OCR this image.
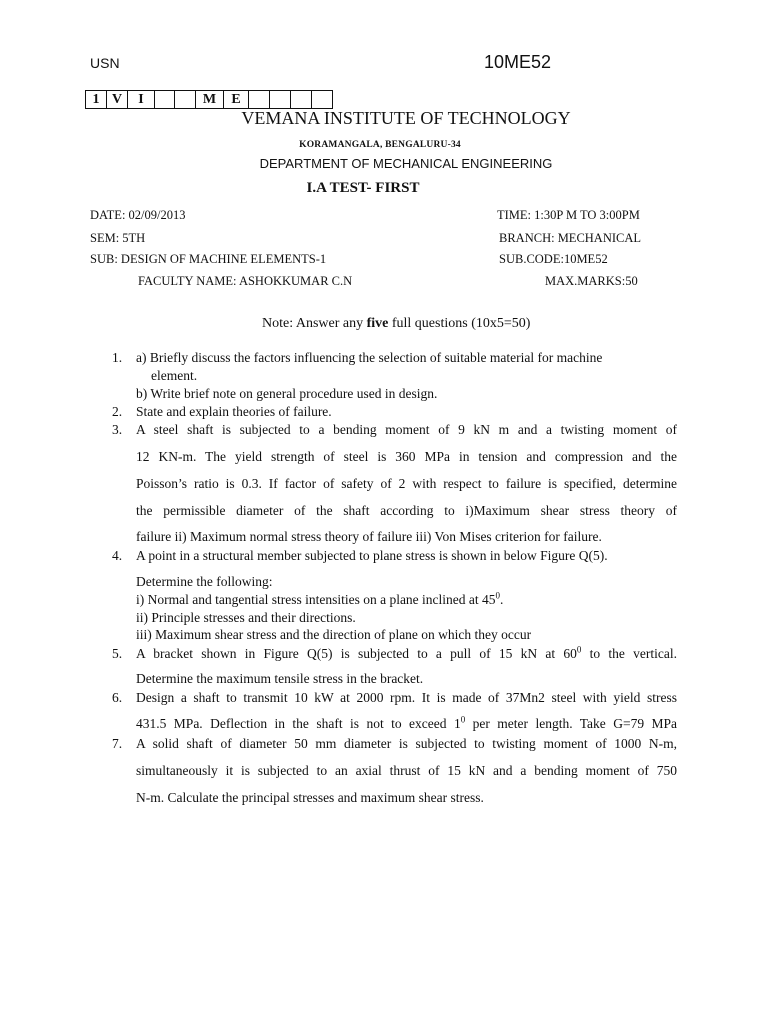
USN	10ME52
1	V	I			M	E				
VEMANA INSTITUTE OF TECHNOLOGY
KORAMANGALA, BENGALURU-34
DEPARTMENT OF MECHANICAL ENGINEERING
I.A TEST- FIRST
DATE: 02/09/2013	TIME: 1:30P M TO 3:00PM
SEM: 5TH	BRANCH: MECHANICAL
SUB: DESIGN OF MACHINE ELEMENTS-1	SUB.CODE:10ME52
FACULTY NAME: ASHOKKUMAR C.N	MAX.MARKS:50
Note: Answer any five full questions (10x5=50)
1. a) Briefly discuss the factors influencing the selection of suitable material for machine
element.
b) Write brief note on general procedure used in design.
2. State and explain theories of failure.
3. A steel shaft is subjected to a bending moment of 9 kN m and a twisting moment of
12 KN-m. The yield strength of steel is 360 MPa in tension and compression and the
Poisson’s ratio is 0.3. If factor of safety of 2 with respect to failure is specified, determine
the permissible diameter of the shaft according to i)Maximum shear stress theory of
failure ii) Maximum normal stress theory of failure iii) Von Mises criterion for failure.
4. A point in a structural member subjected to plane stress is shown in below Figure Q(5).
Determine the following:
i) Normal and tangential stress intensities on a plane inclined at $45^0$.
ii) Principle stresses and their directions.
iii) Maximum shear stress and the direction of plane on which they occur
5. A bracket shown in Figure Q(5) is subjected to a pull of 15 kN at $60^0$ to the vertical.
Determine the maximum tensile stress in the bracket.
6. Design a shaft to transmit 10 kW at 2000 rpm. It is made of 37Mn2 steel with yield stress
431.5 MPa. Deflection in the shaft is not to exceed $1^0$ per meter length. Take G=79 MPa
7. A solid shaft of diameter 50 mm diameter is subjected to twisting moment of 1000 N-m,
simultaneously it is subjected to an axial thrust of 15 kN and a bending moment of 750
N-m. Calculate the principal stresses and maximum shear stress.
